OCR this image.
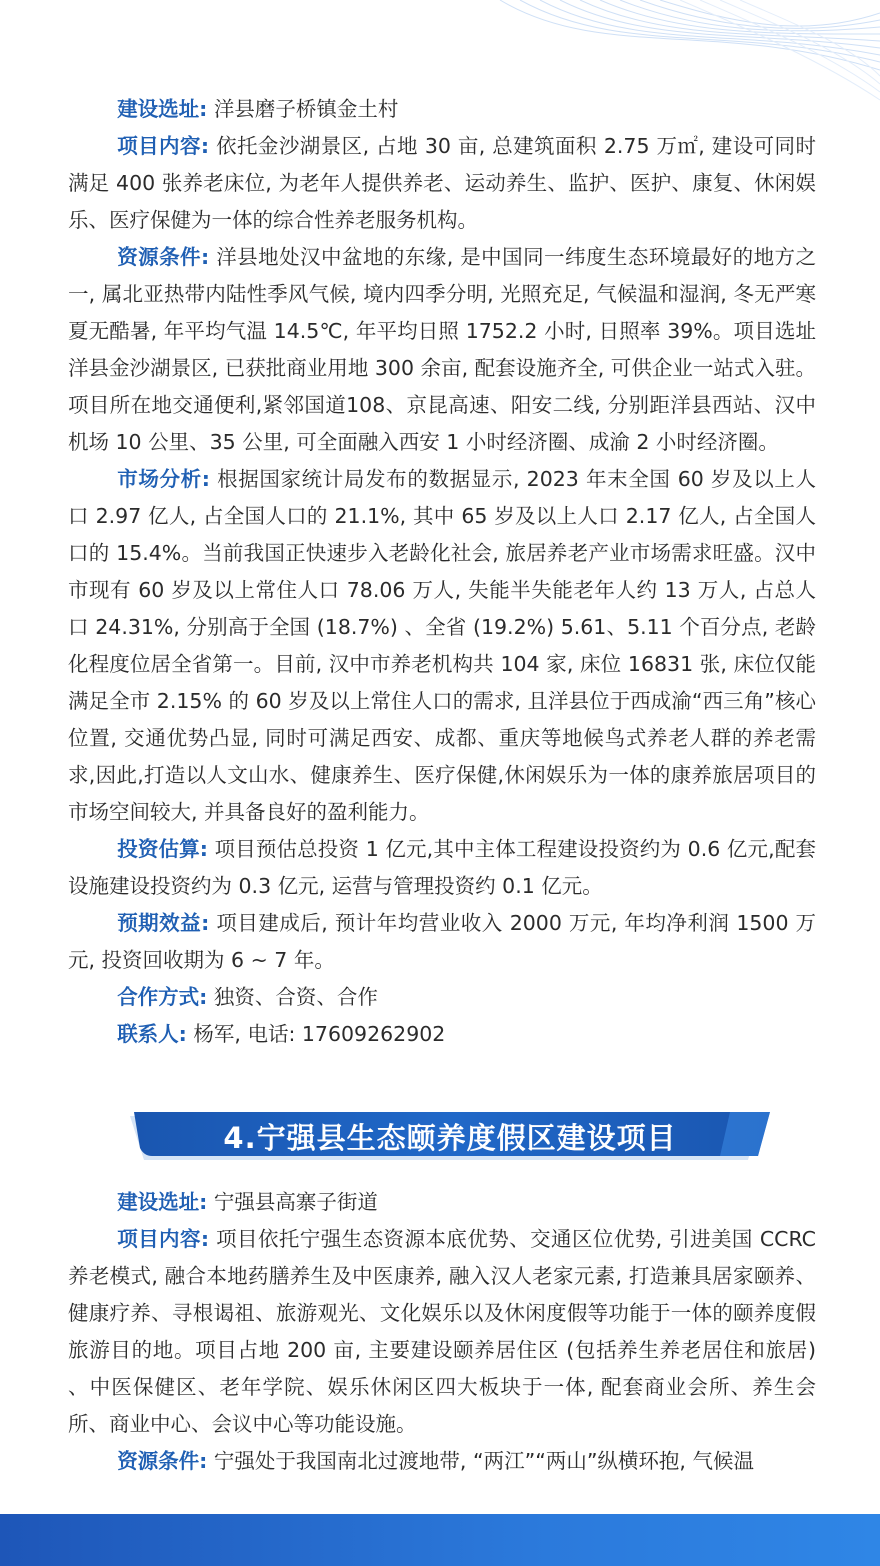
建设选址: 洋县磨子桥镇金土村

项目内容: 依托金沙湖景区, 占地 30 亩, 总建筑面积 2.75 万㎡, 建设可同时满足 400 张养老床位, 为老年人提供养老、运动养生、监护、医护、康复、休闲娱乐、医疗保健为一体的综合性养老服务机构。

资源条件: 洋县地处汉中盆地的东缘, 是中国同一纬度生态环境最好的地方之一, 属北亚热带内陆性季风气候, 境内四季分明, 光照充足, 气候温和湿润, 冬无严寒夏无酷暑, 年平均气温 14.5℃, 年平均日照 1752.2 小时, 日照率 39%。项目选址洋县金沙湖景区, 已获批商业用地 300 余亩, 配套设施齐全, 可供企业一站式入驻。项目所在地交通便利,紧邻国道108、京昆高速、阳安二线, 分别距洋县西站、汉中机场 10 公里、35 公里, 可全面融入西安 1 小时经济圈、成渝 2 小时经济圈。

市场分析: 根据国家统计局发布的数据显示, 2023 年末全国 60 岁及以上人口 2.97 亿人, 占全国人口的 21.1%, 其中 65 岁及以上人口 2.17 亿人, 占全国人口的 15.4%。当前我国正快速步入老龄化社会, 旅居养老产业市场需求旺盛。汉中市现有 60 岁及以上常住人口 78.06 万人, 失能半失能老年人约 13 万人, 占总人口 24.31%, 分别高于全国 (18.7%) 、全省 (19.2%) 5.61、5.11 个百分点, 老龄化程度位居全省第一。目前, 汉中市养老机构共 104 家, 床位 16831 张, 床位仅能满足全市 2.15% 的 60 岁及以上常住人口的需求, 且洋县位于西成渝“西三角”核心位置, 交通优势凸显, 同时可满足西安、成都、重庆等地候鸟式养老人群的养老需求,因此,打造以人文山水、健康养生、医疗保健,休闲娱乐为一体的康养旅居项目的市场空间较大, 并具备良好的盈利能力。

投资估算: 项目预估总投资 1 亿元,其中主体工程建设投资约为 0.6 亿元,配套设施建设投资约为 0.3 亿元, 运营与管理投资约 0.1 亿元。

预期效益: 项目建成后, 预计年均营业收入 2000 万元, 年均净利润 1500 万元, 投资回收期为 6 ~ 7 年。

合作方式: 独资、合资、合作

联系人: 杨军, 电话: 17609262902

4.宁强县生态颐养度假区建设项目

建设选址: 宁强县高寨子街道

项目内容: 项目依托宁强生态资源本底优势、交通区位优势, 引进美国 CCRC 养老模式, 融合本地药膳养生及中医康养, 融入汉人老家元素, 打造兼具居家颐养、健康疗养、寻根谒祖、旅游观光、文化娱乐以及休闲度假等功能于一体的颐养度假旅游目的地。项目占地 200 亩, 主要建设颐养居住区 (包括养生养老居住和旅居) 、中医保健区、老年学院、娱乐休闲区四大板块于一体, 配套商业会所、养生会所、商业中心、会议中心等功能设施。

资源条件: 宁强处于我国南北过渡地带, “两江”“两山”纵横环抱, 气候温
